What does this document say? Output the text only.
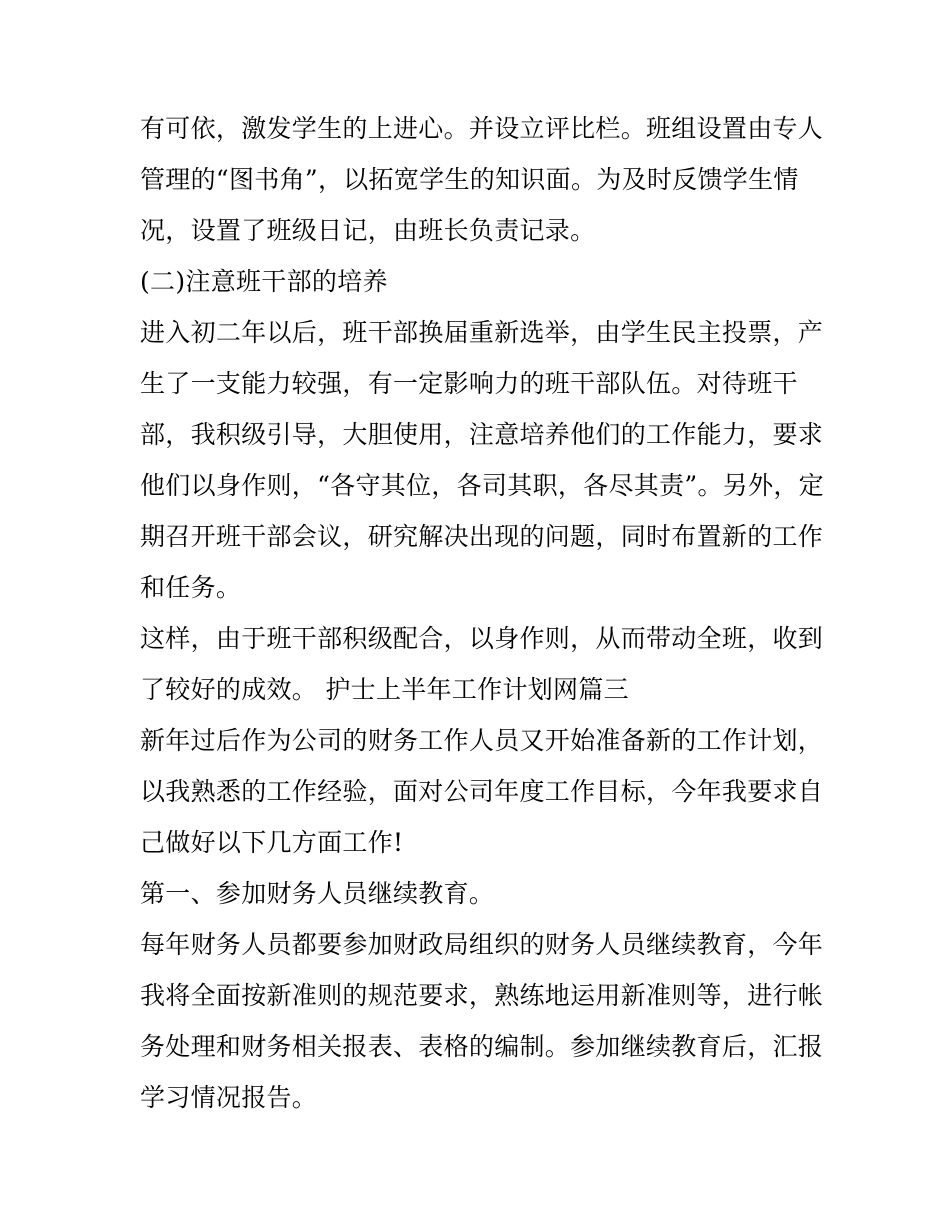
有可依，激发学生的上进心。并设立评比栏。班组设置由专人
管理的“图书角”，以拓宽学生的知识面。为及时反馈学生情
况，设置了班级日记，由班长负责记录。

(二)注意班干部的培养

进入初二年以后，班干部换届重新选举，由学生民主投票，产
生了一支能力较强，有一定影响力的班干部队伍。对待班干
部，我积级引导，大胆使用，注意培养他们的工作能力，要求
他们以身作则，“各守其位，各司其职，各尽其责”。另外，定
期召开班干部会议，研究解决出现的问题，同时布置新的工作
和任务。

这样，由于班干部积级配合，以身作则，从而带动全班，收到
了较好的成效。 护士上半年工作计划网篇三

新年过后作为公司的财务工作人员又开始准备新的工作计划，
以我熟悉的工作经验，面对公司年度工作目标，今年我要求自
己做好以下几方面工作!

第一、参加财务人员继续教育。

每年财务人员都要参加财政局组织的财务人员继续教育，今年
我将全面按新准则的规范要求，熟练地运用新准则等，进行帐
务处理和财务相关报表、表格的编制。参加继续教育后，汇报
学习情况报告。
